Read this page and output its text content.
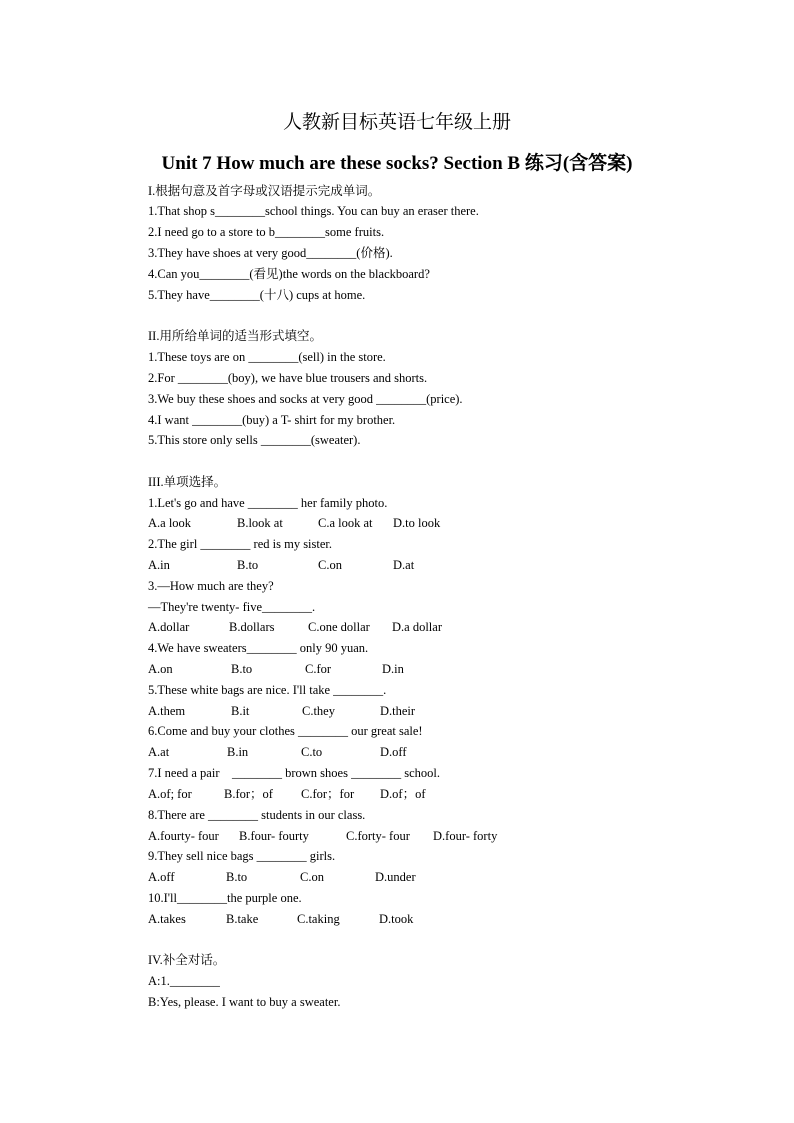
人教新目标英语七年级上册
Unit 7 How much are these socks? Section B 练习(含答案)
I.根据句意及首字母或汉语提示完成单词。
1.That shop s________school things. You can buy an eraser there.
2.I need go to a store to b________some fruits.
3.They have shoes at very good________(价格).
4.Can you________(看见)the words on the blackboard?
5.They have________(十八) cups at home.
II.用所给单词的适当形式填空。
1.These toys are on ________(sell) in the store.
2.For ________(boy), we have blue trousers and shorts.
3.We buy these shoes and socks at very good ________(price).
4.I want ________(buy) a T- shirt for my brother.
5.This store only sells ________(sweater).
III.单项选择。
1.Let's go and have ________ her family photo.
A.a look	B.look at	C.a look at D.to look
2.The girl ________ red is my sister.
A.in	B.to	C.on	D.at
3.—How much are they?
—They're twenty- five________.
A.dollar	B.dollars	C.one dollar D.a dollar
4.We have sweaters________ only 90 yuan.
A.on	B.to	C.for	D.in
5.These white bags are nice. I'll take ________.
A.them	B.it	C.they	D.their
6.Come and buy your clothes ________ our great sale!
A.at	B.in	C.to	D.off
7.I need a pair    ________ brown shoes ________ school.
A.of; for	B.for；of C.for；for D.of；of
8.There are ________ students in our class.
A.fourty- four B.four- fourty	C.forty- four D.four- forty
9.They sell nice bags ________ girls.
A.off	B.to	C.on	D.under
10.I'll________the purple one.
A.takes	B.take	C.taking	D.took
IV.补全对话。
A:1.________
B:Yes, please. I want to buy a sweater.
